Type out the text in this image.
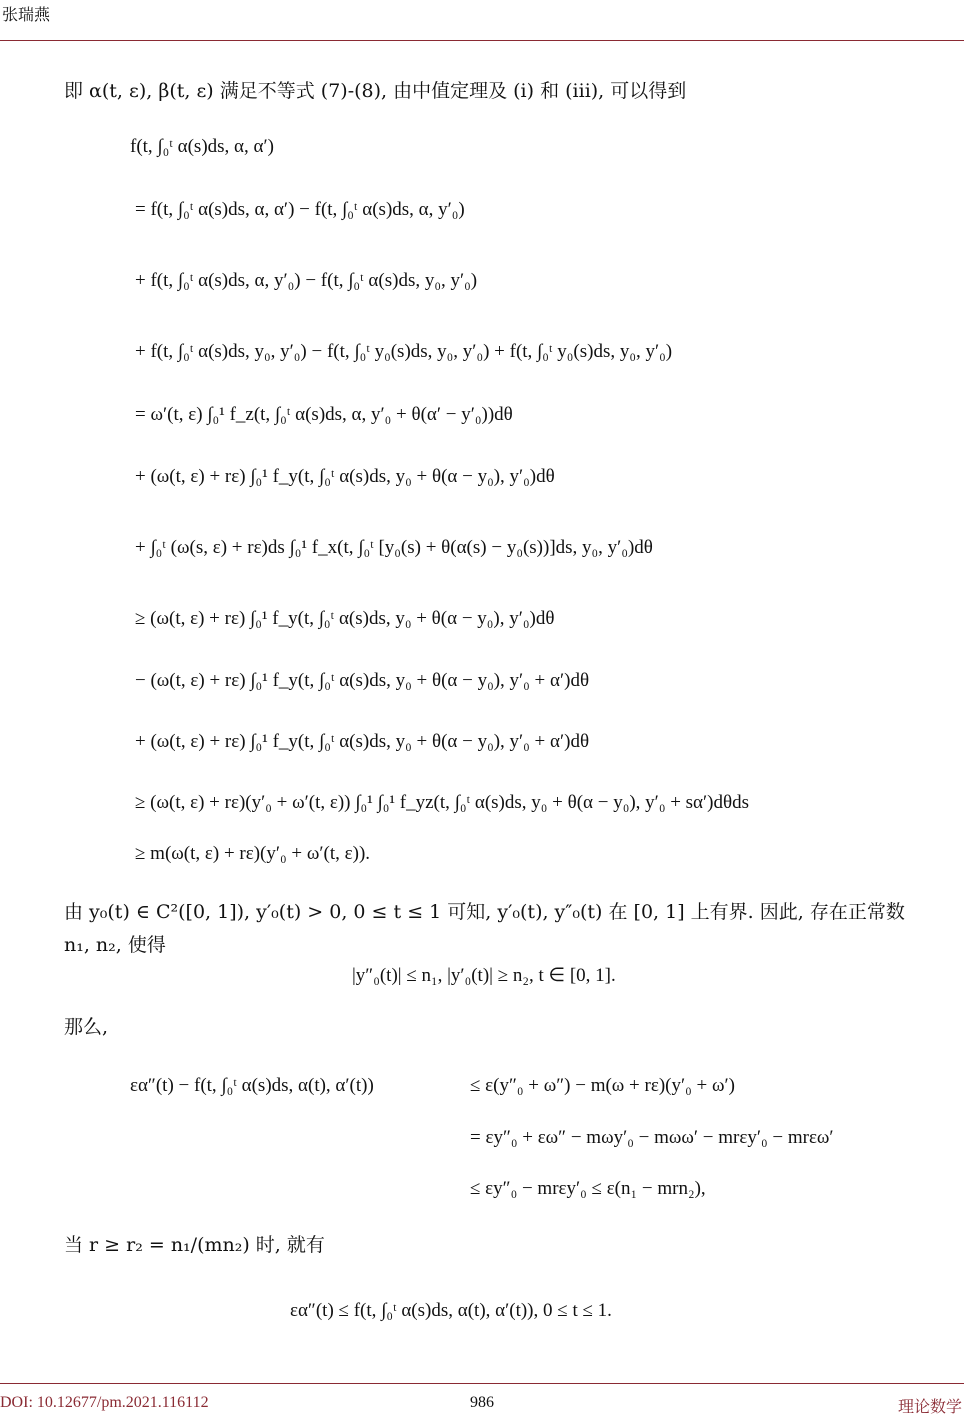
张瑞燕
即 α(t, ε), β(t, ε) 满足不等式 (7)-(8), 由中值定理及 (i) 和 (iii), 可以得到
f(t, ∫₀ᵗ α(s)ds, α, α′)
= f(t, ∫₀ᵗ α(s)ds, α, α′) − f(t, ∫₀ᵗ α(s)ds, α, y′₀)
+ f(t, ∫₀ᵗ α(s)ds, α, y′₀) − f(t, ∫₀ᵗ α(s)ds, y₀, y′₀)
+ f(t, ∫₀ᵗ α(s)ds, y₀, y′₀) − f(t, ∫₀ᵗ y₀(s)ds, y₀, y′₀) + f(t, ∫₀ᵗ y₀(s)ds, y₀, y′₀)
= ω′(t, ε) ∫₀¹ f_z(t, ∫₀ᵗ α(s)ds, α, y′₀ + θ(α′ − y′₀))dθ
+ (ω(t, ε) + rε) ∫₀¹ f_y(t, ∫₀ᵗ α(s)ds, y₀ + θ(α − y₀), y′₀)dθ
+ ∫₀ᵗ (ω(s, ε) + rε)ds ∫₀¹ f_x(t, ∫₀ᵗ [y₀(s) + θ(α(s) − y₀(s))]ds, y₀, y′₀)dθ
≥ (ω(t, ε) + rε) ∫₀¹ f_y(t, ∫₀ᵗ α(s)ds, y₀ + θ(α − y₀), y′₀)dθ
− (ω(t, ε) + rε) ∫₀¹ f_y(t, ∫₀ᵗ α(s)ds, y₀ + θ(α − y₀), y′₀ + α′)dθ
+ (ω(t, ε) + rε) ∫₀¹ f_y(t, ∫₀ᵗ α(s)ds, y₀ + θ(α − y₀), y′₀ + α′)dθ
≥ (ω(t, ε) + rε)(y′₀ + ω′(t, ε)) ∫₀¹ ∫₀¹ f_yz(t, ∫₀ᵗ α(s)ds, y₀ + θ(α − y₀), y′₀ + sα′)dθds
≥ m(ω(t, ε) + rε)(y′₀ + ω′(t, ε)).
由 y₀(t) ∈ C²([0, 1]), y′₀(t) > 0, 0 ≤ t ≤ 1 可知, y′₀(t), y″₀(t) 在 [0, 1] 上有界. 因此, 存在正常数
n₁, n₂, 使得
|y″₀(t)| ≤ n₁, |y′₀(t)| ≥ n₂, t ∈ [0, 1].
那么,
εα″(t) − f(t, ∫₀ᵗ α(s)ds, α(t), α′(t))	≤ ε(y″₀ + ω″) − m(ω + rε)(y′₀ + ω′)
= εy″₀ + εω″ − mωy′₀ − mωω′ − mrεy′₀ − mrεω′
≤ εy″₀ − mrεy′₀ ≤ ε(n₁ − mrn₂),
当 r ≥ r₂ = n₁/(mn₂) 时, 就有
εα″(t) ≤ f(t, ∫₀ᵗ α(s)ds, α(t), α′(t)), 0 ≤ t ≤ 1.
DOI: 10.12677/pm.2021.116112	986	理论数学
